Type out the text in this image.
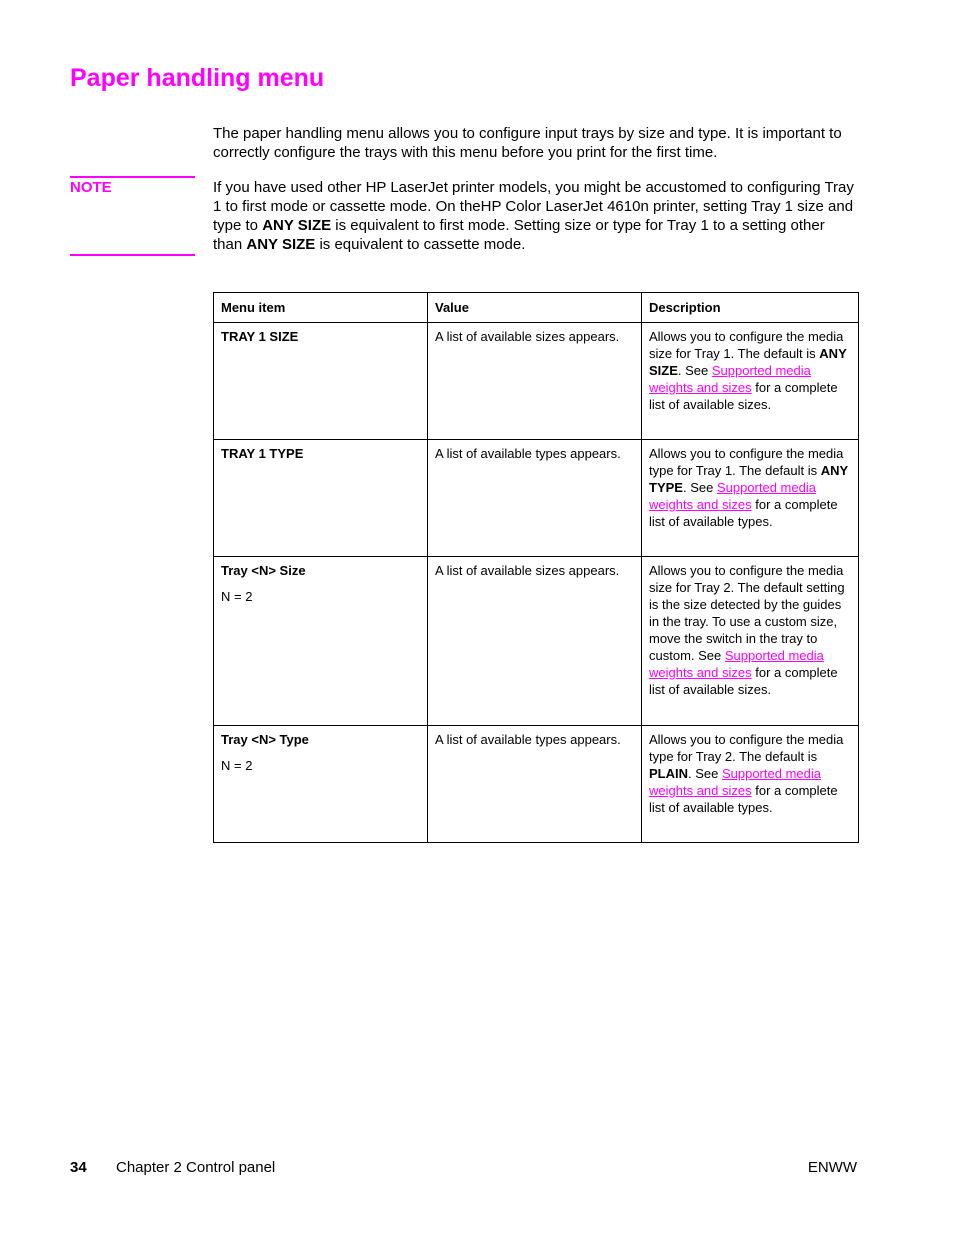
Paper handling menu

The paper handling menu allows you to configure input trays by size and type. It is important to correctly configure the trays with this menu before you print for the first time.

NOTE	If you have used other HP LaserJet printer models, you might be accustomed to configuring Tray 1 to first mode or cassette mode. On theHP Color LaserJet 4610n printer, setting Tray 1 size and type to ANY SIZE is equivalent to first mode. Setting size or type for Tray 1 to a setting other than ANY SIZE is equivalent to cassette mode.

Menu item	Value	Description

TRAY 1 SIZE	A list of available sizes appears.	Allows you to configure the media size for Tray 1. The default is ANY SIZE. See Supported media weights and sizes for a complete list of available sizes.

TRAY 1 TYPE	A list of available types appears.	Allows you to configure the media type for Tray 1. The default is ANY TYPE. See Supported media weights and sizes for a complete list of available types.

Tray <N> Size
N = 2	A list of available sizes appears.	Allows you to configure the media size for Tray 2. The default setting is the size detected by the guides in the tray. To use a custom size, move the switch in the tray to custom. See Supported media weights and sizes for a complete list of available sizes.

Tray <N> Type
N = 2	A list of available types appears.	Allows you to configure the media type for Tray 2. The default is PLAIN. See Supported media weights and sizes for a complete list of available types.
34 Chapter 2 Control panel	ENWW
